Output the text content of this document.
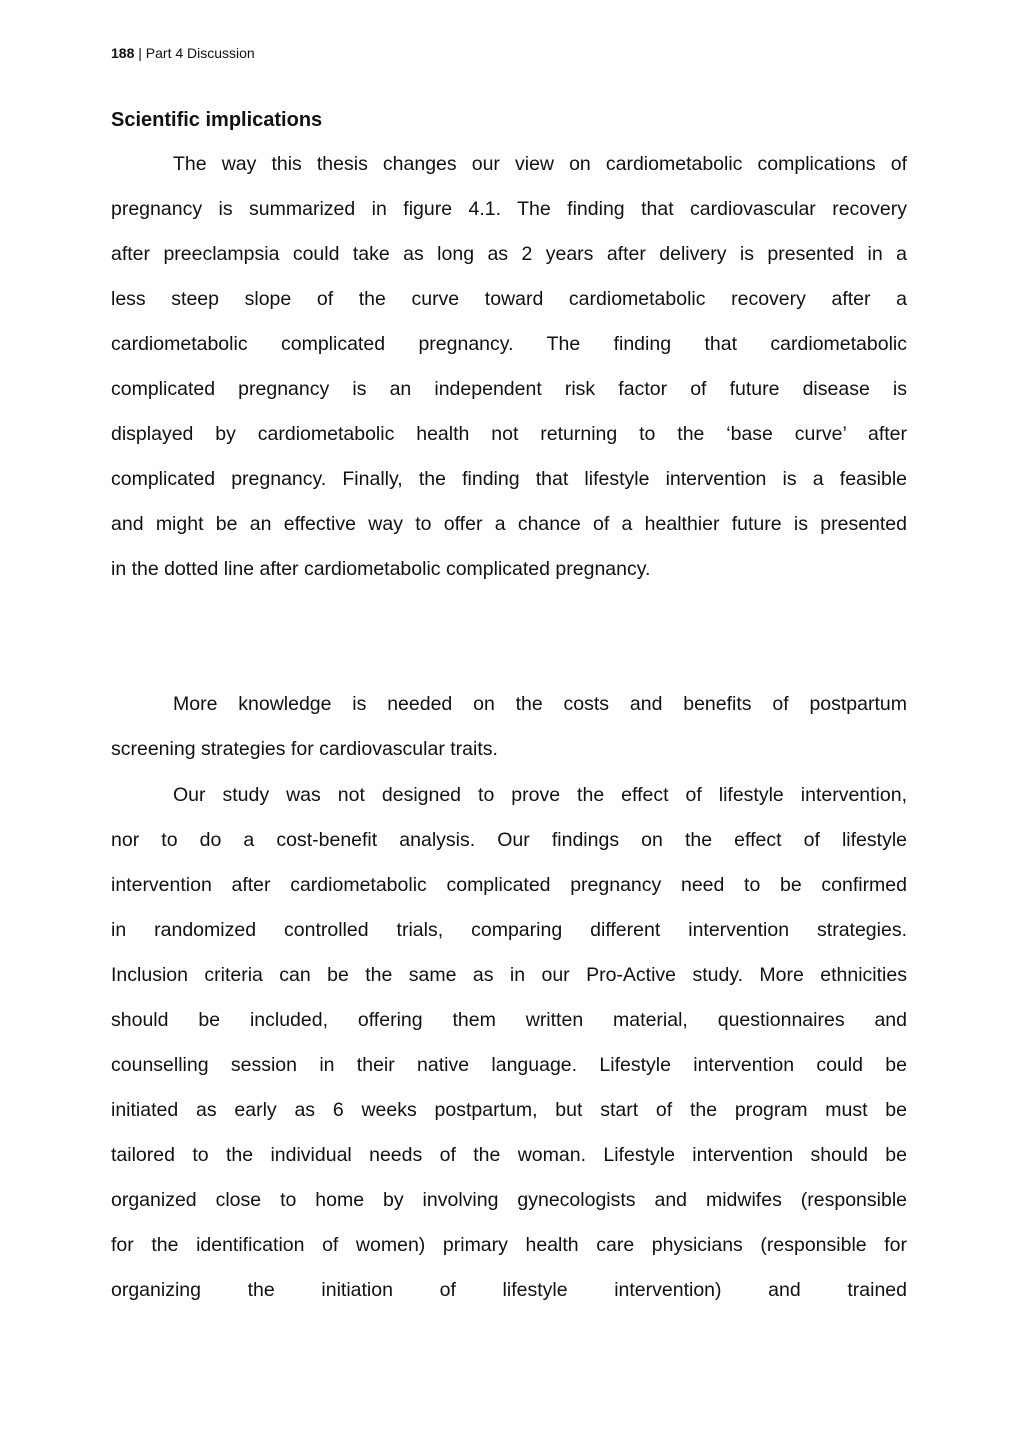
188 | Part 4 Discussion
Scientific implications
The way this thesis changes our view on cardiometabolic complications of
pregnancy is summarized in figure 4.1. The finding that cardiovascular recovery
after preeclampsia could take as long as 2 years after delivery is presented in a
less steep slope of the curve toward cardiometabolic recovery after a
cardiometabolic complicated pregnancy. The finding that cardiometabolic
complicated pregnancy is an independent risk factor of future disease is
displayed by cardiometabolic health not returning to the ‘base curve’ after
complicated pregnancy. Finally, the finding that lifestyle intervention is a feasible
and might be an effective way to offer a chance of a healthier future is presented
in the dotted line after cardiometabolic complicated pregnancy.
More knowledge is needed on the costs and benefits of postpartum
screening strategies for cardiovascular traits.
Our study was not designed to prove the effect of lifestyle intervention,
nor to do a cost-benefit analysis. Our findings on the effect of lifestyle
intervention after cardiometabolic complicated pregnancy need to be confirmed
in randomized controlled trials, comparing different intervention strategies.
Inclusion criteria can be the same as in our Pro-Active study. More ethnicities
should be included, offering them written material, questionnaires and
counselling session in their native language. Lifestyle intervention could be
initiated as early as 6 weeks postpartum, but start of the program must be
tailored to the individual needs of the woman. Lifestyle intervention should be
organized close to home by involving gynecologists and midwifes (responsible
for the identification of women) primary health care physicians (responsible for
organizing the initiation of lifestyle intervention) and trained
